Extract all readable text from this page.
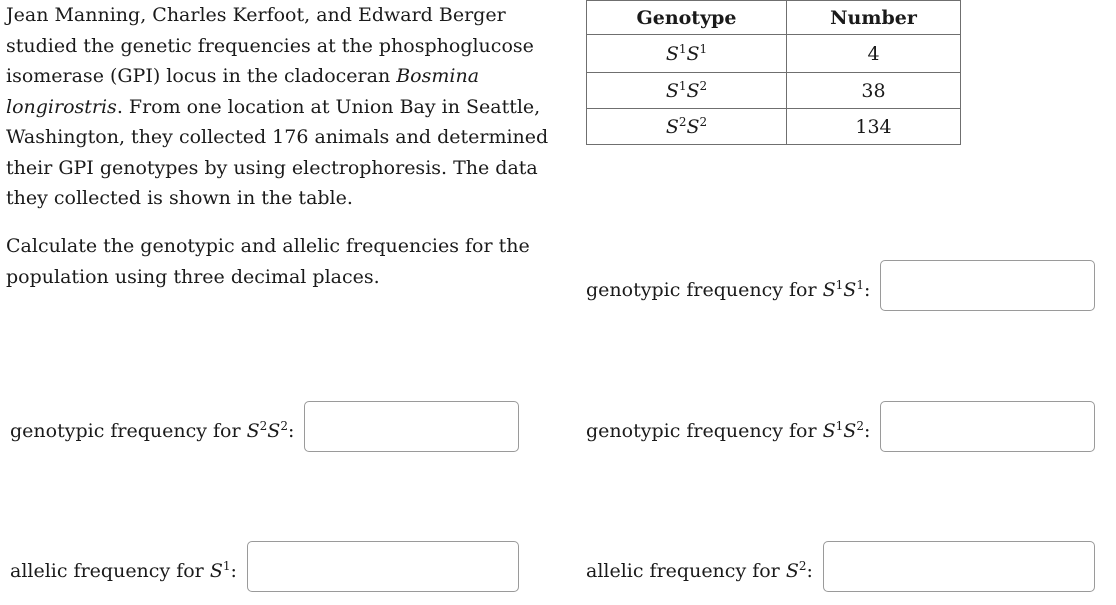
Jean Manning, Charles Kerfoot, and Edward Berger studied the genetic frequencies at the phosphoglucose isomerase (GPI) locus in the cladoceran Bosmina longirostris. From one location at Union Bay in Seattle, Washington, they collected 176 animals and determined their GPI genotypes by using electrophoresis. The data they collected is shown in the table.
Calculate the genotypic and allelic frequencies for the population using three decimal places.
Genotype	Number
$S^1S^1$	4
$S^1S^2$	38
$S^2S^2$	134
genotypic frequency for $S^1S^1$:
genotypic frequency for $S^2S^2$:	genotypic frequency for $S^1S^2$:
allelic frequency for $S^1$:	allelic frequency for $S^2$:
